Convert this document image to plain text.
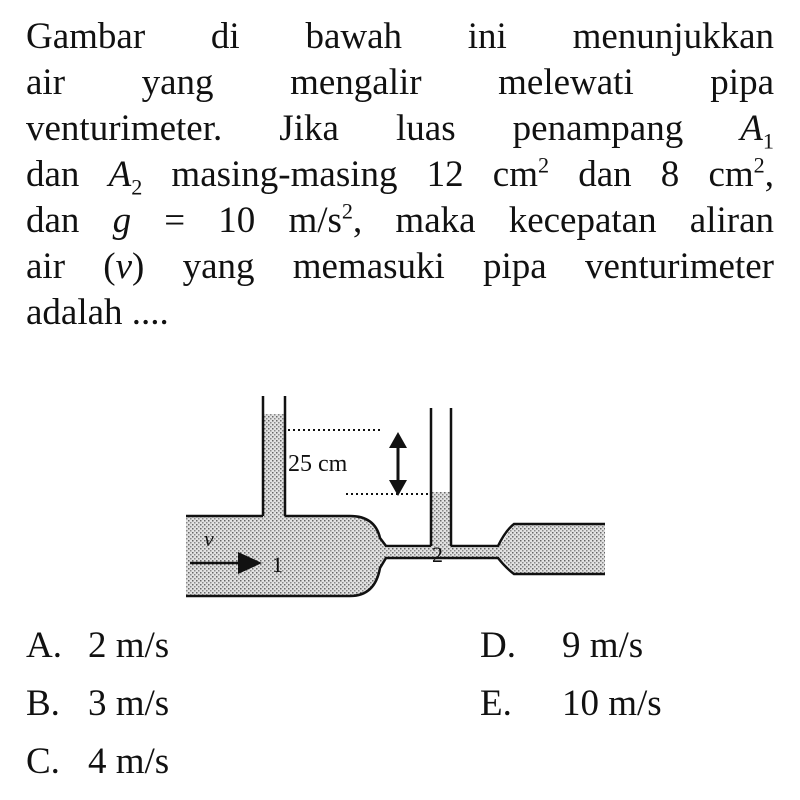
Gambar di bawah ini menunjukkan
air yang mengalir melewati pipa
venturimeter. Jika luas penampang $A_1$
dan $A_2$ masing-masing 12 $cm^2$ dan 8 $cm^2$,
dan g = 10 $m/s^2$, maka kecepatan aliran
air (v) yang memasuki pipa venturimeter
adalah ....
25 cm
v
1	2
A. 2 m/s
B. 3 m/s
C. 4 m/s
D. 9 m/s
E. 10 m/s
